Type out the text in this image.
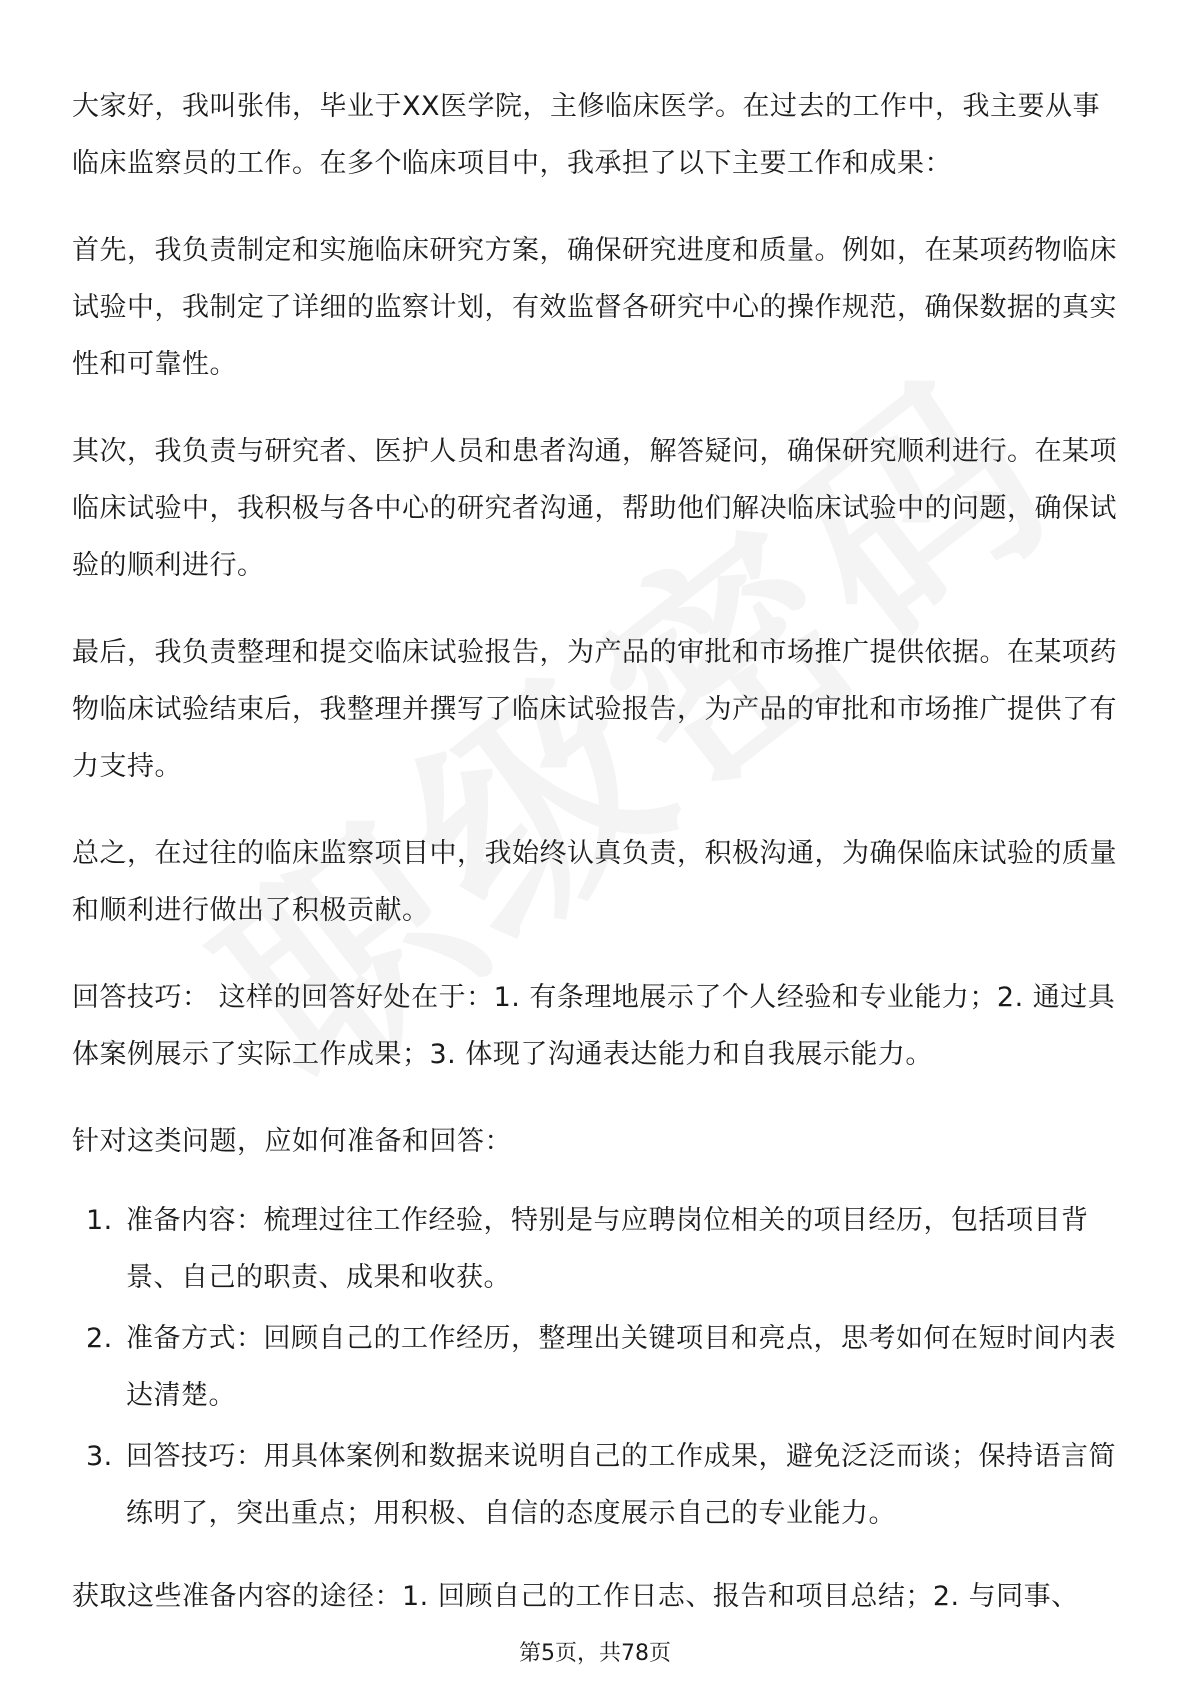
大家好，我叫张伟，毕业于XX医学院，主修临床医学。在过去的工作中，我主要从事临床监察员的工作。在多个临床项目中，我承担了以下主要工作和成果：

首先，我负责制定和实施临床研究方案，确保研究进度和质量。例如，在某项药物临床试验中，我制定了详细的监察计划，有效监督各研究中心的操作规范，确保数据的真实性和可靠性。

其次，我负责与研究者、医护人员和患者沟通，解答疑问，确保研究顺利进行。在某项临床试验中，我积极与各中心的研究者沟通，帮助他们解决临床试验中的问题，确保试验的顺利进行。

最后，我负责整理和提交临床试验报告，为产品的审批和市场推广提供依据。在某项药物临床试验结束后，我整理并撰写了临床试验报告，为产品的审批和市场推广提供了有力支持。

总之，在过往的临床监察项目中，我始终认真负责，积极沟通，为确保临床试验的质量和顺利进行做出了积极贡献。

回答技巧： 这样的回答好处在于：1. 有条理地展示了个人经验和专业能力；2. 通过具体案例展示了实际工作成果；3. 体现了沟通表达能力和自我展示能力。

针对这类问题，应如何准备和回答：

1. 准备内容：梳理过往工作经验，特别是与应聘岗位相关的项目经历，包括项目背景、自己的职责、成果和收获。
2. 准备方式：回顾自己的工作经历，整理出关键项目和亮点，思考如何在短时间内表达清楚。
3. 回答技巧：用具体案例和数据来说明自己的工作成果，避免泛泛而谈；保持语言简练明了，突出重点；用积极、自信的态度展示自己的专业能力。

获取这些准备内容的途径：1. 回顾自己的工作日志、报告和项目总结；2. 与同事、

第5页，共78页
